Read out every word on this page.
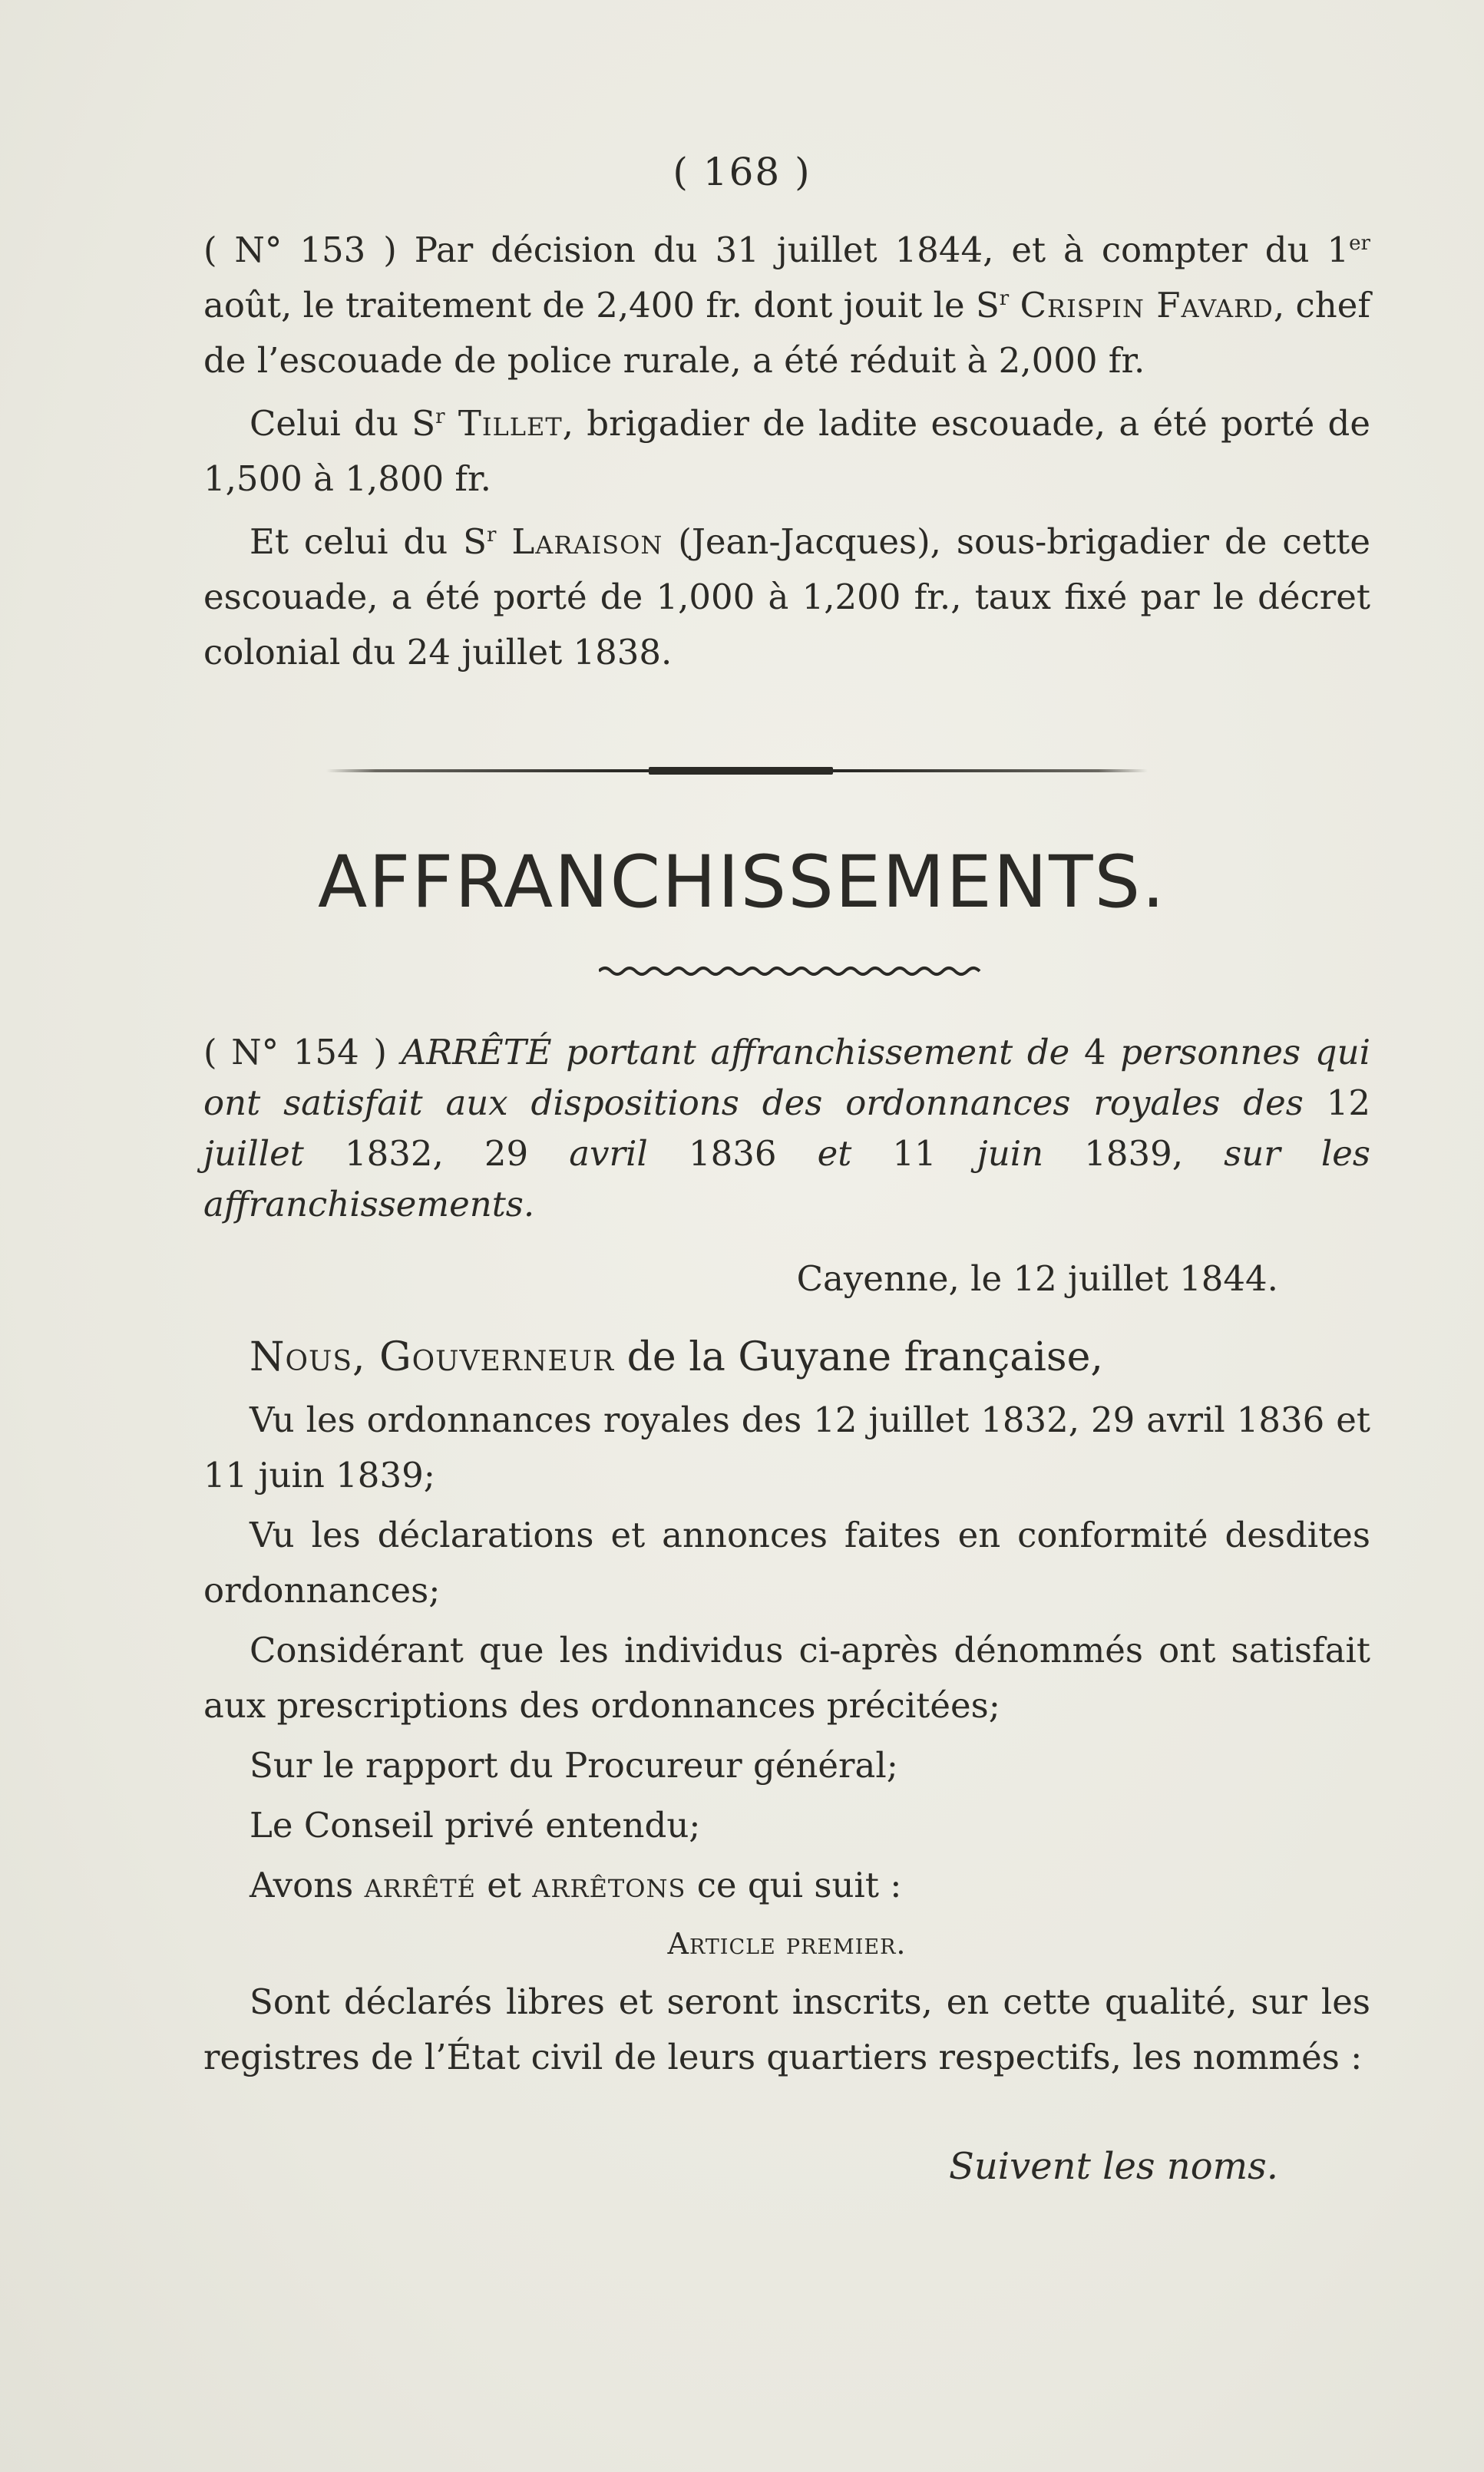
( 168 )

( N° 153 ) Par décision du 31 juillet 1844, et à compter du 1er août, le traitement de 2,400 fr. dont jouit le $S^r$ Crispin Favard, chef de l’escouade de police rurale, a été réduit à 2,000 fr.

Celui du $S^r$ Tillet, brigadier de ladite escouade, a été porté de 1,500 à 1,800 fr.

Et celui du $S^r$ Laraison (Jean-Jacques), sous-brigadier de cette escouade, a été porté de 1,000 à 1,200 fr., taux fixé par le décret colonial du 24 juillet 1838.

AFFRANCHISSEMENTS.

( N° 154 ) ARRÊTÉ portant affranchissement de 4 personnes qui ont satisfait aux dispositions des ordonnances royales des 12 juillet 1832, 29 avril 1836 et 11 juin 1839, sur les affranchissements.

Cayenne, le 12 juillet 1844.

Nous, Gouverneur de la Guyane française,

Vu les ordonnances royales des 12 juillet 1832, 29 avril 1836 et 11 juin 1839;

Vu les déclarations et annonces faites en conformité desdites ordonnances;

Considérant que les individus ci-après dénommés ont satisfait aux prescriptions des ordonnances précitées;

Sur le rapport du Procureur général;

Le Conseil privé entendu;

Avons arrêté et arrêtons ce qui suit :

Article premier.

Sont déclarés libres et seront inscrits, en cette qualité, sur les registres de l’État civil de leurs quartiers respectifs, les nommés :

Suivent les noms.
